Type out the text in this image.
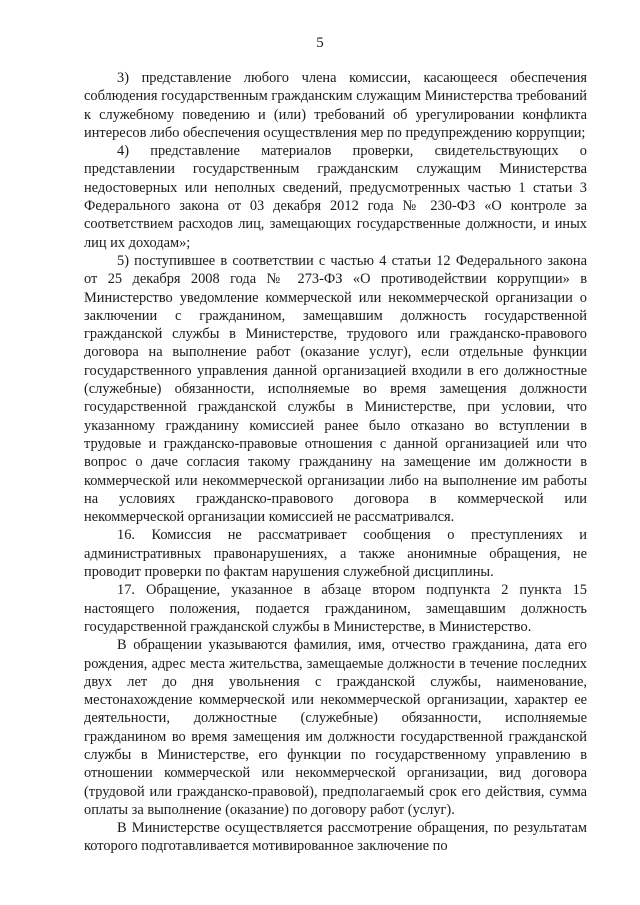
5

3) представление любого члена комиссии, касающееся обеспечения соблюдения государственным гражданским служащим Министерства требований к служебному поведению и (или) требований об урегулировании конфликта интересов либо обеспечения осуществления мер по предупреждению коррупции;

4) представление материалов проверки, свидетельствующих о представлении государственным гражданским служащим Министерства недостоверных или неполных сведений, предусмотренных частью 1 статьи 3 Федерального закона от 03 декабря 2012 года № 230-ФЗ «О контроле за соответствием расходов лиц, замещающих государственные должности, и иных лиц их доходам»;

5) поступившее в соответствии с частью 4 статьи 12 Федерального закона от 25 декабря 2008 года № 273-ФЗ «О противодействии коррупции» в Министерство уведомление коммерческой или некоммерческой организации о заключении с гражданином, замещавшим должность государственной гражданской службы в Министерстве, трудового или гражданско-правового договора на выполнение работ (оказание услуг), если отдельные функции государственного управления данной организацией входили в его должностные (служебные) обязанности, исполняемые во время замещения должности государственной гражданской службы в Министерстве, при условии, что указанному гражданину комиссией ранее было отказано во вступлении в трудовые и гражданско-правовые отношения с данной организацией или что вопрос о даче согласия такому гражданину на замещение им должности в коммерческой или некоммерческой организации либо на выполнение им работы на условиях гражданско-правового договора в коммерческой или некоммерческой организации комиссией не рассматривался.

16. Комиссия не рассматривает сообщения о преступлениях и административных правонарушениях, а также анонимные обращения, не проводит проверки по фактам нарушения служебной дисциплины.

17. Обращение, указанное в абзаце втором подпункта 2 пункта 15 настоящего положения, подается гражданином, замещавшим должность государственной гражданской службы в Министерстве, в Министерство.

В обращении указываются фамилия, имя, отчество гражданина, дата его рождения, адрес места жительства, замещаемые должности в течение последних двух лет до дня увольнения с гражданской службы, наименование, местонахождение коммерческой или некоммерческой организации, характер ее деятельности, должностные (служебные) обязанности, исполняемые гражданином во время замещения им должности государственной гражданской службы в Министерстве, его функции по государственному управлению в отношении коммерческой или некоммерческой организации, вид договора (трудовой или гражданско-правовой), предполагаемый срок его действия, сумма оплаты за выполнение (оказание) по договору работ (услуг).

В Министерстве осуществляется рассмотрение обращения, по результатам которого подготавливается мотивированное заключение по
